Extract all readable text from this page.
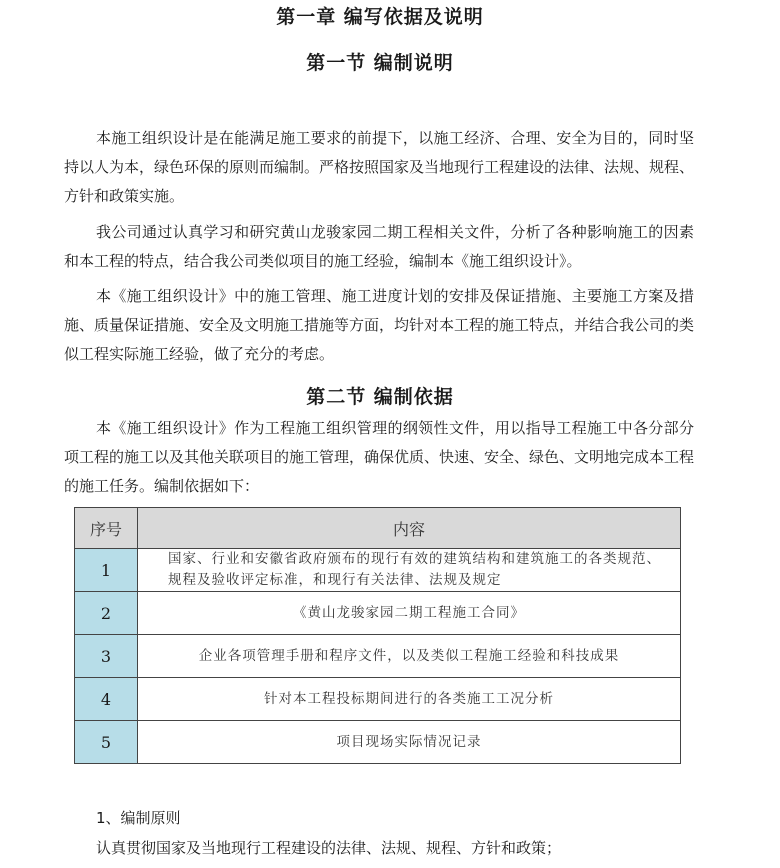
第一章 编写依据及说明
第一节 编制说明

本施工组织设计是在能满足施工要求的前提下，以施工经济、合理、安全为目的，同时坚持以人为本，绿色环保的原则而编制。严格按照国家及当地现行工程建设的法律、法规、规程、方针和政策实施。

我公司通过认真学习和研究黄山龙骏家园二期工程相关文件，分析了各种影响施工的因素和本工程的特点，结合我公司类似项目的施工经验，编制本《施工组织设计》。

本《施工组织设计》中的施工管理、施工进度计划的安排及保证措施、主要施工方案及措施、质量保证措施、安全及文明施工措施等方面，均针对本工程的施工特点，并结合我公司的类似工程实际施工经验，做了充分的考虑。

第二节 编制依据

本《施工组织设计》作为工程施工组织管理的纲领性文件，用以指导工程施工中各分部分项工程的施工以及其他关联项目的施工管理，确保优质、快速、安全、绿色、文明地完成本工程的施工任务。编制依据如下：

序号	内容
1	国家、行业和安徽省政府颁布的现行有效的建筑结构和建筑施工的各类规范、规程及验收评定标准，和现行有关法律、法规及规定
2	《黄山龙骏家园二期工程施工合同》
3	企业各项管理手册和程序文件，以及类似工程施工经验和科技成果
4	针对本工程投标期间进行的各类施工工况分析
5	项目现场实际情况记录

1、编制原则

认真贯彻国家及当地现行工程建设的法律、法规、规程、方针和政策；
